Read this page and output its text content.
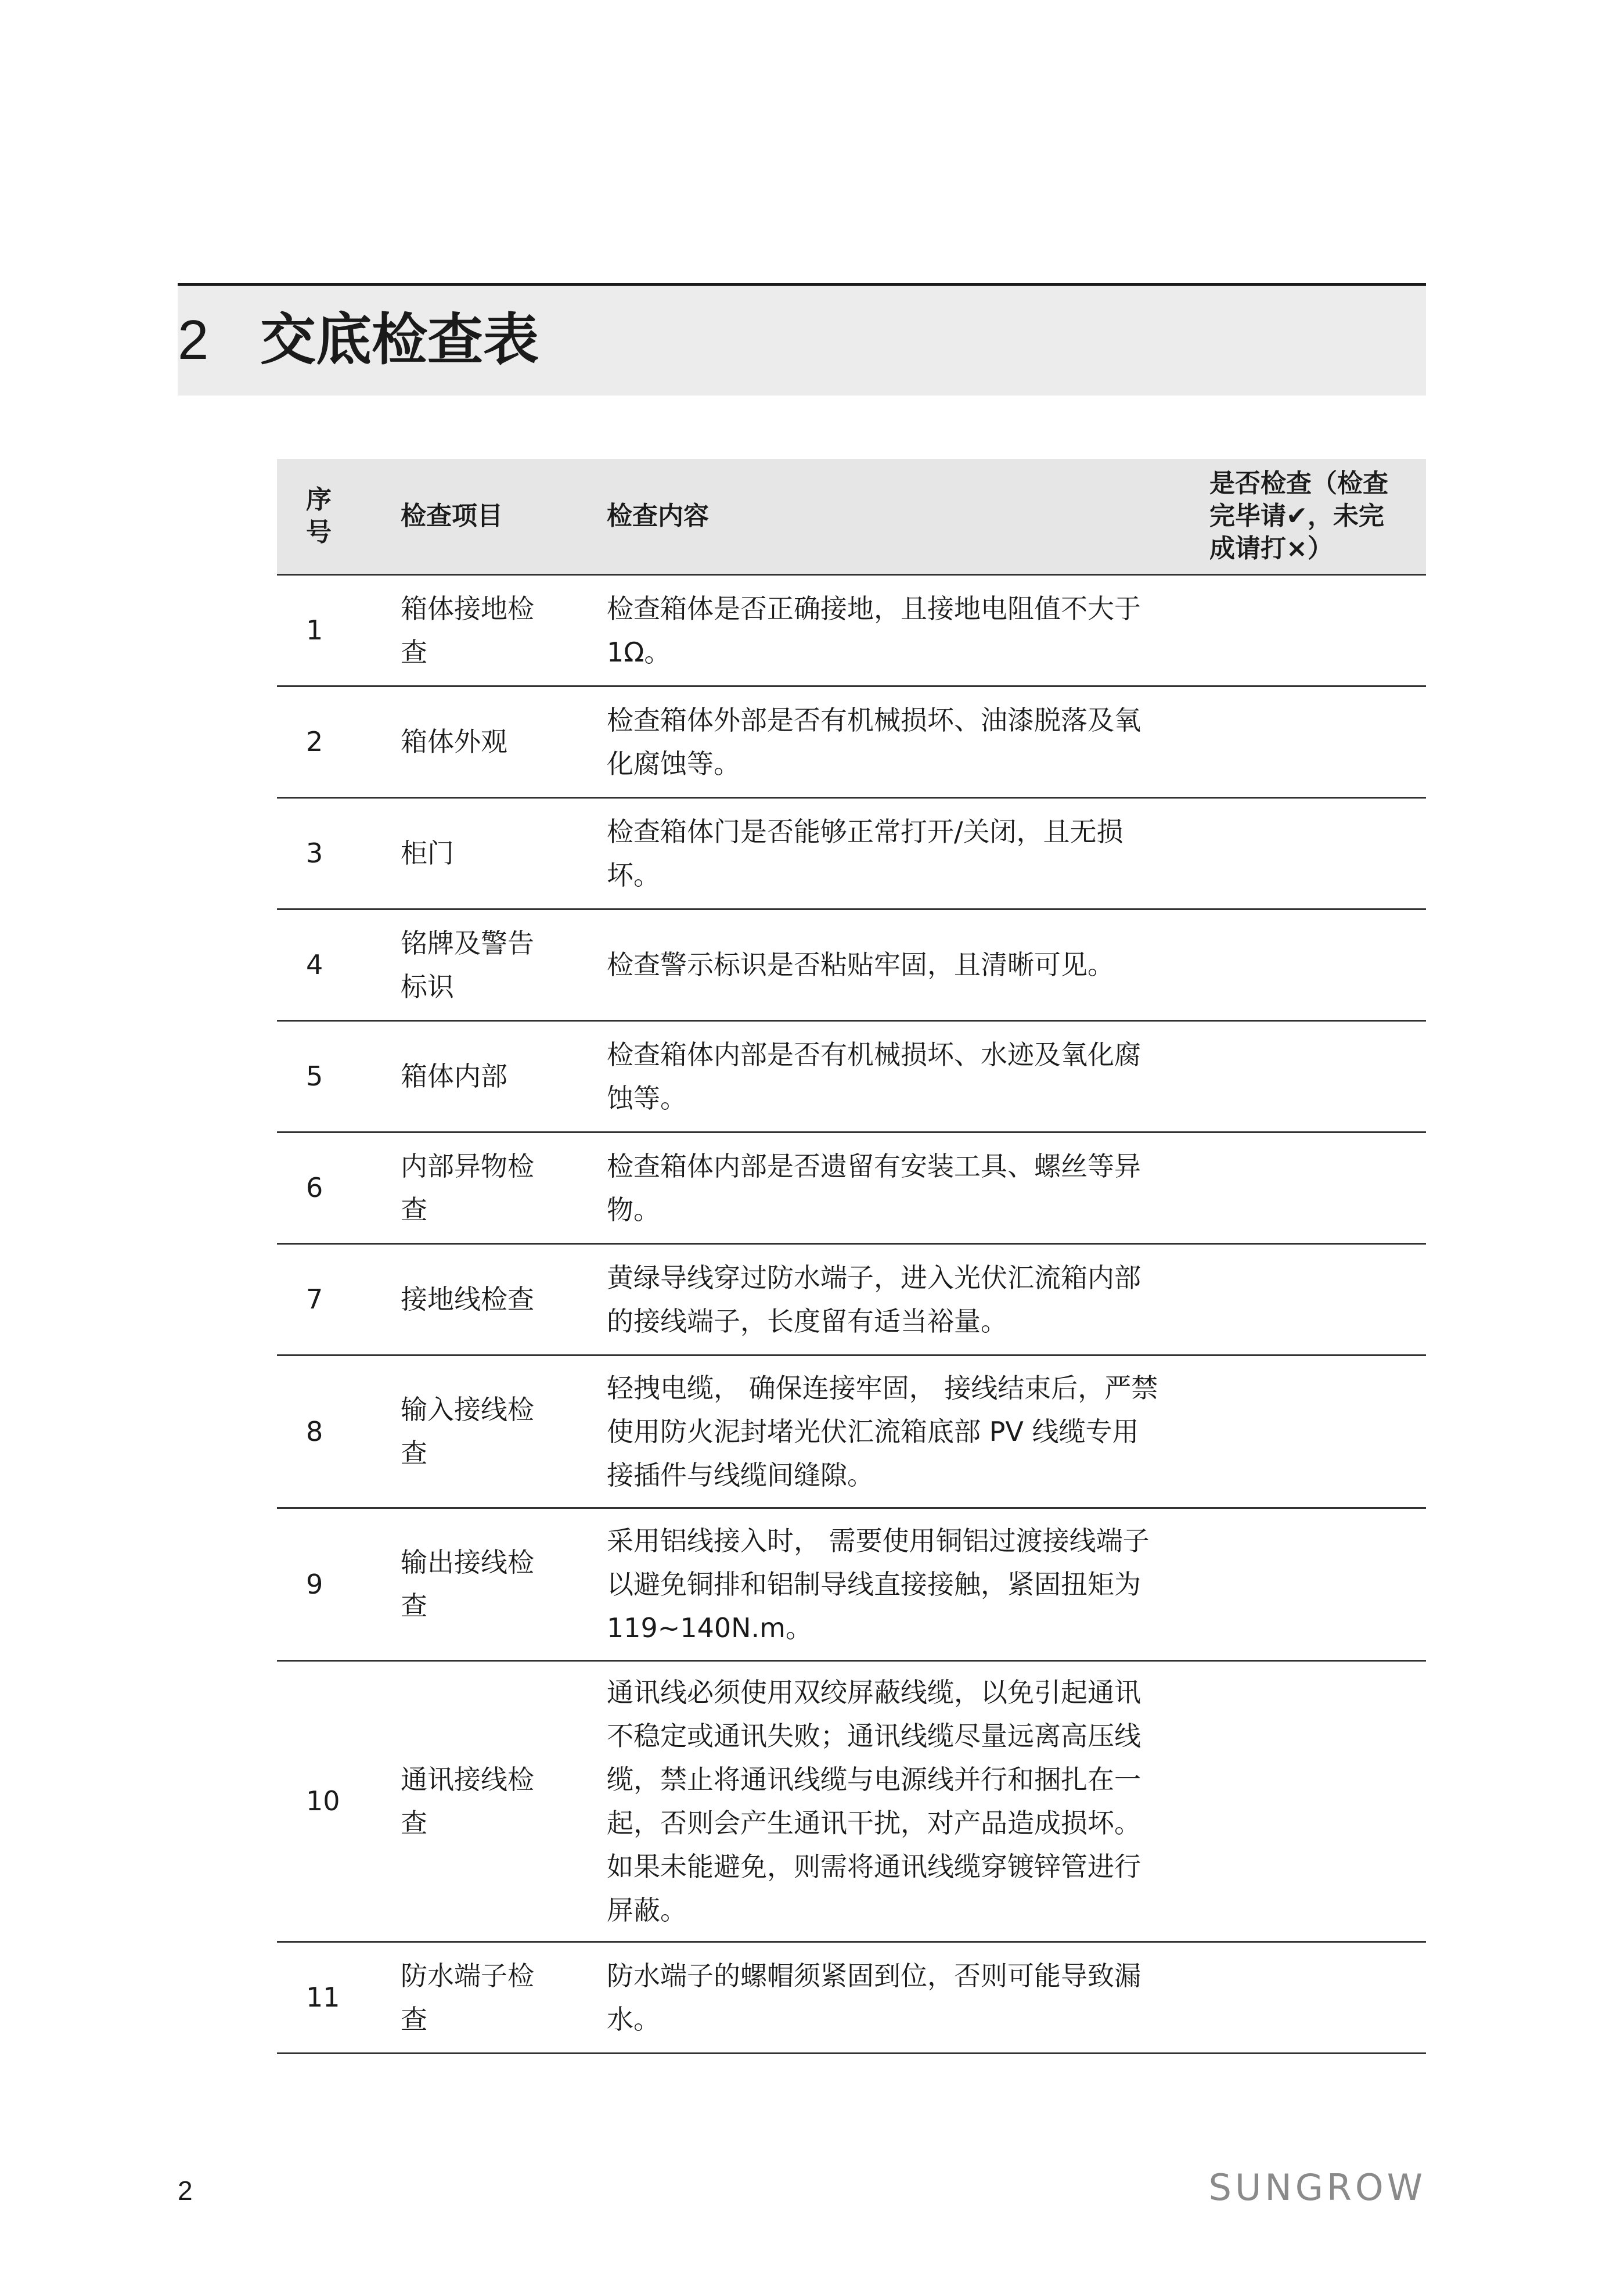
2 交底检查表
序号	检查项目	检查内容	是否检查（检查完毕请✔，未完成请打×）
1	箱体接地检查	检查箱体是否正确接地，且接地电阻值不大于 1Ω。	

2	箱体外观	检查箱体外部是否有机械损坏、油漆脱落及氧化腐蚀等。	

3	柜门	检查箱体门是否能够正常打开/关闭，且无损坏。	

4	铭牌及警告标识	检查警示标识是否粘贴牢固，且清晰可见。	

5	箱体内部	检查箱体内部是否有机械损坏、水迹及氧化腐蚀等。	

6	内部异物检查	检查箱体内部是否遗留有安装工具、螺丝等异物。	

7	接地线检查	黄绿导线穿过防水端子，进入光伏汇流箱内部的接线端子，长度留有适当裕量。	

8	输入接线检查	轻拽电缆， 确保连接牢固， 接线结束后，严禁使用防火泥封堵光伏汇流箱底部 PV 线缆专用接插件与线缆间缝隙。	

9	输出接线检查	采用铝线接入时， 需要使用铜铝过渡接线端子以避免铜排和铝制导线直接接触，紧固扭矩为 119~140N.m。	

10	通讯接线检查	通讯线必须使用双绞屏蔽线缆，以免引起通讯不稳定或通讯失败；通讯线缆尽量远离高压线缆，禁止将通讯线缆与电源线并行和捆扎在一起，否则会产生通讯干扰，对产品造成损坏。如果未能避免，则需将通讯线缆穿镀锌管进行屏蔽。	

11	防水端子检查	防水端子的螺帽须紧固到位，否则可能导致漏水。	

2	SUNGROW
